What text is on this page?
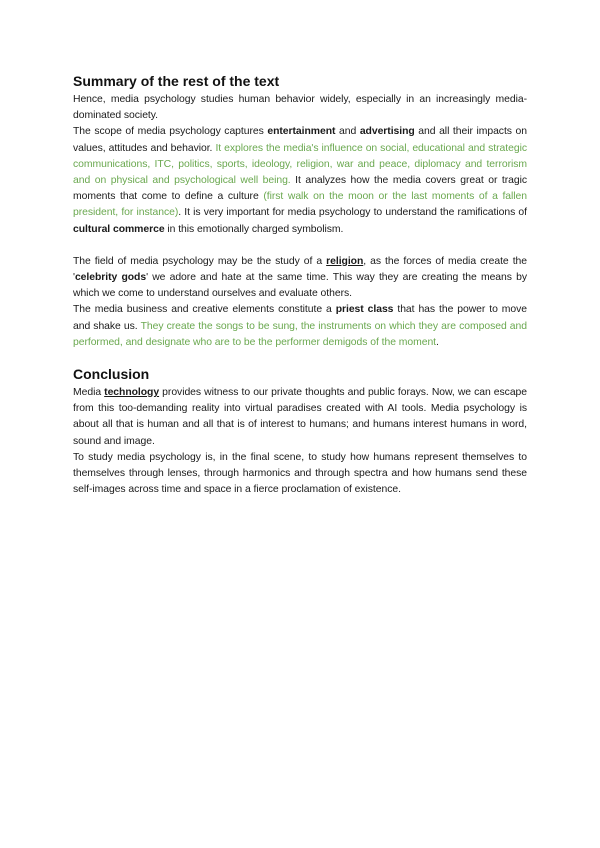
Summary of the rest of the text

Hence, media psychology studies human behavior widely, especially in an increasingly media-dominated society.

The scope of media psychology captures entertainment and advertising and all their impacts on values, attitudes and behavior. It explores the media's influence on social, educational and strategic communications, ITC, politics, sports, ideology, religion, war and peace, diplomacy and terrorism and on physical and psychological well being. It analyzes how the media covers great or tragic moments that come to define a culture (first walk on the moon or the last moments of a fallen president, for instance). It is very important for media psychology to understand the ramifications of cultural commerce in this emotionally charged symbolism.

The field of media psychology may be the study of a religion, as the forces of media create the 'celebrity gods' we adore and hate at the same time. This way they are creating the means by which we come to understand ourselves and evaluate others.

The media business and creative elements constitute a priest class that has the power to move and shake us. They create the songs to be sung, the instruments on which they are composed and performed, and designate who are to be the performer demigods of the moment.

Conclusion

Media technology provides witness to our private thoughts and public forays. Now, we can escape from this too-demanding reality into virtual paradises created with AI tools. Media psychology is about all that is human and all that is of interest to humans; and humans interest humans in word, sound and image.

To study media psychology is, in the final scene, to study how humans represent themselves to themselves through lenses, through harmonics and through spectra and how humans send these self-images across time and space in a fierce proclamation of existence.
